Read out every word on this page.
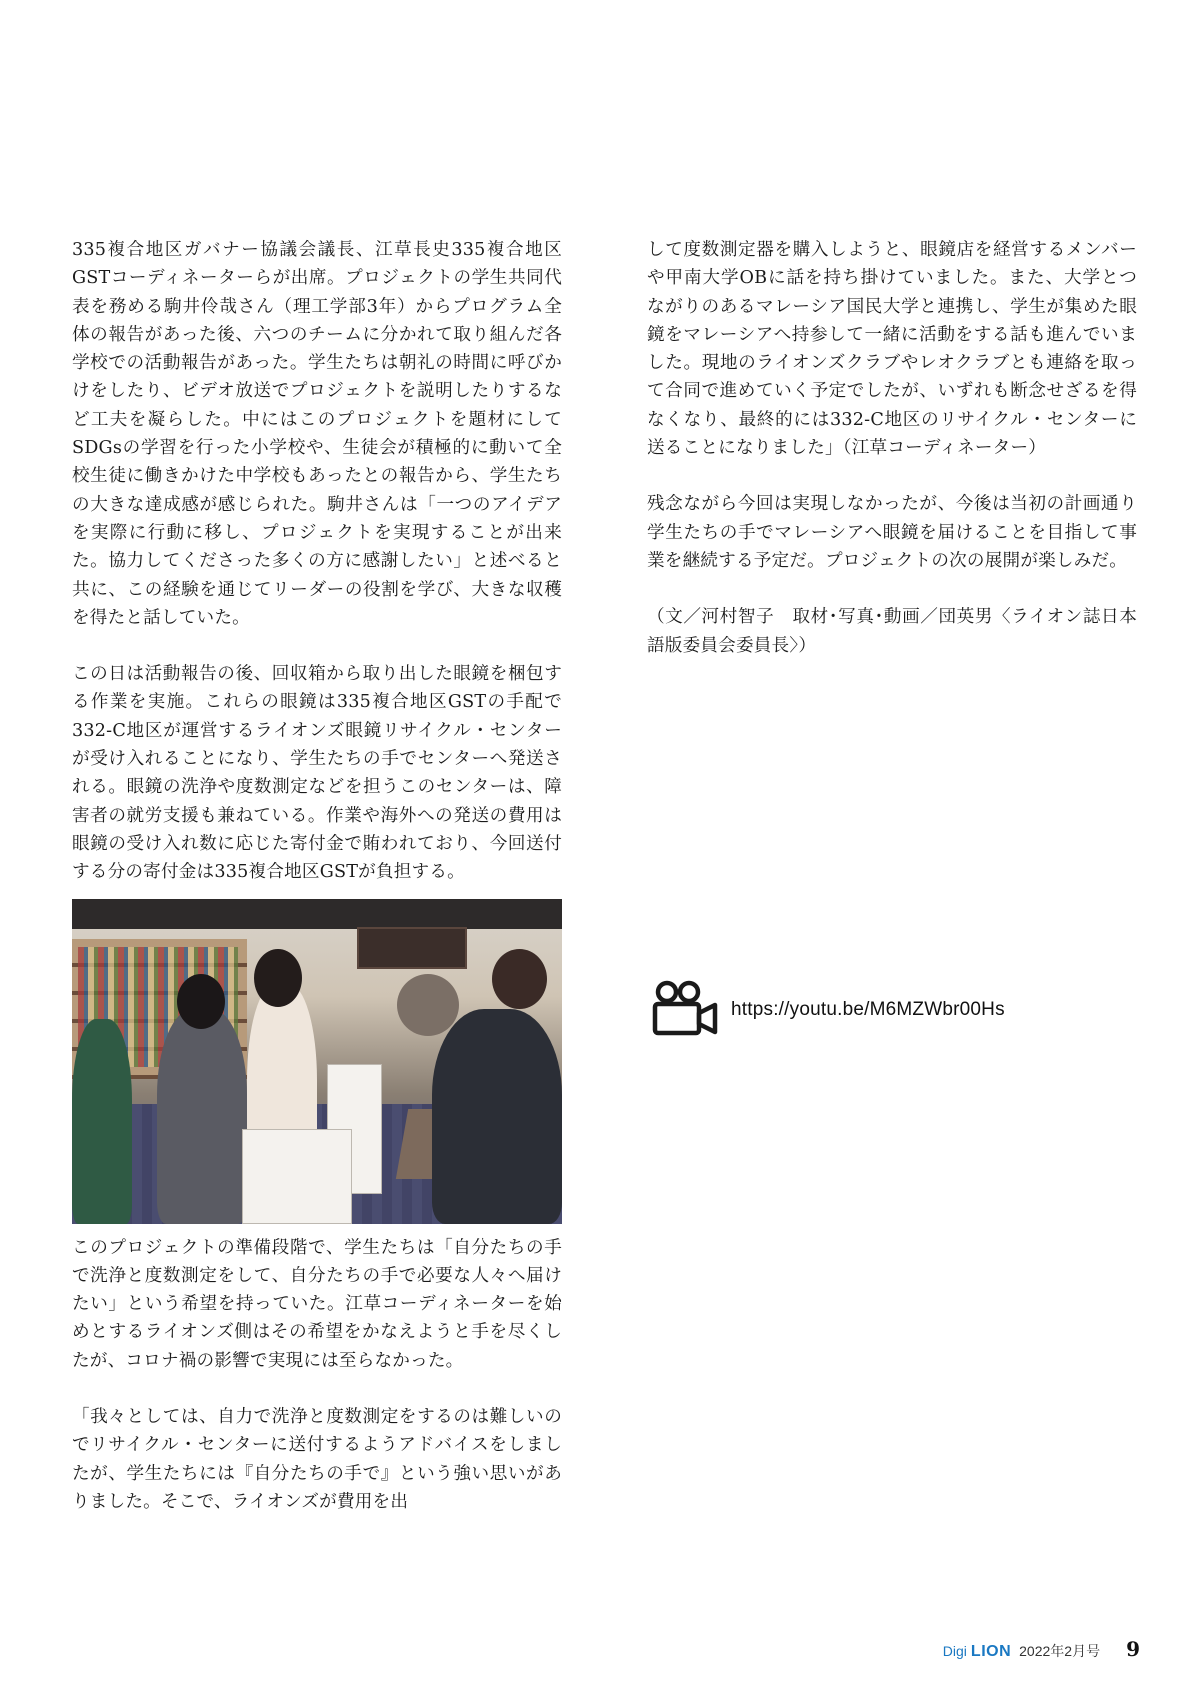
335複合地区ガバナー協議会議長、江草長史335複合地区GSTコーディネーターらが出席。プロジェクトの学生共同代表を務める駒井伶哉さん（理工学部3年）からプログラム全体の報告があった後、六つのチームに分かれて取り組んだ各学校での活動報告があった。学生たちは朝礼の時間に呼びかけをしたり、ビデオ放送でプロジェクトを説明したりするなど工夫を凝らした。中にはこのプロジェクトを題材にしてSDGsの学習を行った小学校や、生徒会が積極的に動いて全校生徒に働きかけた中学校もあったとの報告から、学生たちの大きな達成感が感じられた。駒井さんは「一つのアイデアを実際に行動に移し、プロジェクトを実現することが出来た。協力してくださった多くの方に感謝したい」と述べると共に、この経験を通じてリーダーの役割を学び、大きな収穫を得たと話していた。

この日は活動報告の後、回収箱から取り出した眼鏡を梱包する作業を実施。これらの眼鏡は335複合地区GSTの手配で332-C地区が運営するライオンズ眼鏡リサイクル・センターが受け入れることになり、学生たちの手でセンターへ発送される。眼鏡の洗浄や度数測定などを担うこのセンターは、障害者の就労支援も兼ねている。作業や海外への発送の費用は眼鏡の受け入れ数に応じた寄付金で賄われており、今回送付する分の寄付金は335複合地区GSTが負担する。

このプロジェクトの準備段階で、学生たちは「自分たちの手で洗浄と度数測定をして、自分たちの手で必要な人々へ届けたい」という希望を持っていた。江草コーディネーターを始めとするライオンズ側はその希望をかなえようと手を尽くしたが、コロナ禍の影響で実現には至らなかった。

「我々としては、自力で洗浄と度数測定をするのは難しいのでリサイクル・センターに送付するようアドバイスをしましたが、学生たちには『自分たちの手で』という強い思いがありました。そこで、ライオンズが費用を出

して度数測定器を購入しようと、眼鏡店を経営するメンバーや甲南大学OBに話を持ち掛けていました。また、大学とつながりのあるマレーシア国民大学と連携し、学生が集めた眼鏡をマレーシアへ持参して一緒に活動をする話も進んでいました。現地のライオンズクラブやレオクラブとも連絡を取って合同で進めていく予定でしたが、いずれも断念せざるを得なくなり、最終的には332-C地区のリサイクル・センターに送ることになりました」（江草コーディネーター）

残念ながら今回は実現しなかったが、今後は当初の計画通り学生たちの手でマレーシアへ眼鏡を届けることを目指して事業を継続する予定だ。プロジェクトの次の展開が楽しみだ。

（文／河村智子　取材･写真･動画／団英男〈ライオン誌日本語版委員会委員長〉）

https://youtu.be/M6MZWbr00Hs
Digi LION 2022年2月号 9
